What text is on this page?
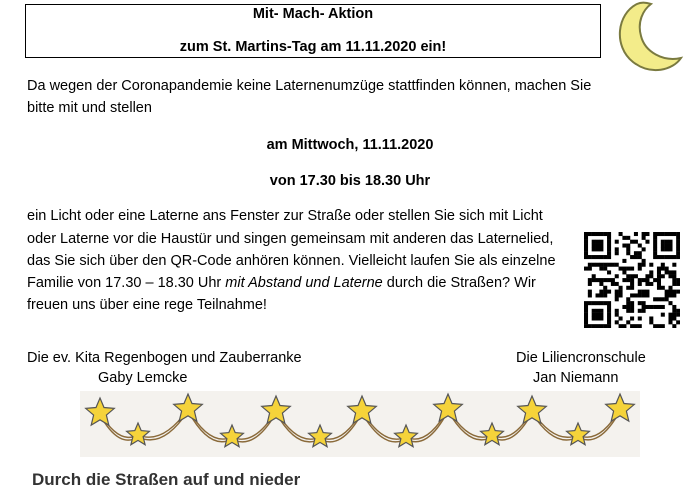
Mit- Mach- Aktion
zum St. Martins-Tag am 11.11.2020 ein!
Da wegen der Coronapandemie keine Laternenumzüge stattfinden können, machen Sie
bitte mit und stellen
am Mittwoch, 11.11.2020
von 17.30 bis 18.30 Uhr
ein Licht oder eine Laterne ans Fenster zur Straße oder stellen Sie sich mit Licht
oder Laterne vor die Haustür und singen gemeinsam mit anderen das Laternelied,
das Sie sich über den QR-Code anhören können. Vielleicht laufen Sie als einzelne
Familie von 17.30 – 18.30 Uhr mit Abstand und Laterne durch die Straßen? Wir
freuen uns über eine rege Teilnahme!
Die ev. Kita Regenbogen und Zauberranke
Gaby Lemcke
Die Liliencronschule
Jan Niemann
Durch die Straßen auf und nieder
